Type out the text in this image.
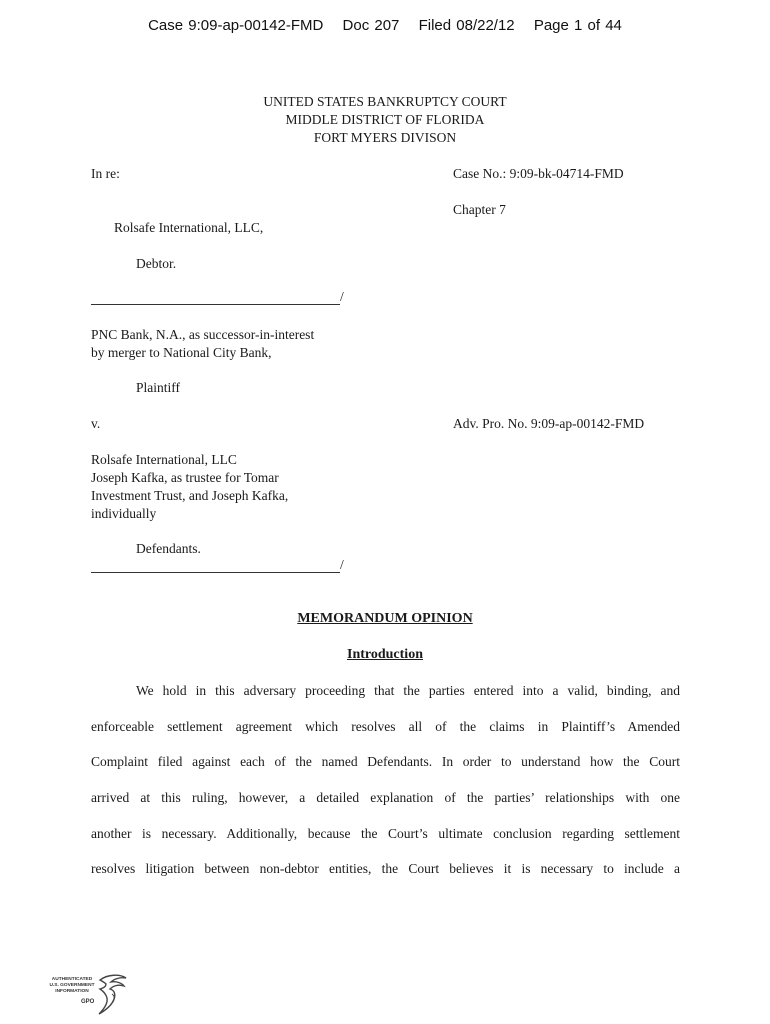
Case 9:09-ap-00142-FMD Doc 207 Filed 08/22/12 Page 1 of 44
UNITED STATES BANKRUPTCY COURT
MIDDLE DISTRICT OF FLORIDA
FORT MYERS DIVISON
In re:	Case No.: 9:09-bk-04714-FMD
Chapter 7
Rolsafe International, LLC,
Debtor.
/
PNC Bank, N.A., as successor-in-interest
by merger to National City Bank,
Plaintiff
v.	Adv. Pro. No. 9:09-ap-00142-FMD
Rolsafe International, LLC
Joseph Kafka, as trustee for Tomar
Investment Trust, and Joseph Kafka,
individually
Defendants.
/
MEMORANDUM OPINION
Introduction
We hold in this adversary proceeding that the parties entered into a valid, binding, and
enforceable settlement agreement which resolves all of the claims in Plaintiff’s Amended
Complaint filed against each of the named Defendants. In order to understand how the Court
arrived at this ruling, however, a detailed explanation of the parties’ relationships with one
another is necessary. Additionally, because the Court’s ultimate conclusion regarding settlement
resolves litigation between non-debtor entities, the Court believes it is necessary to include a
AUTHENTICATED
U.S. GOVERNMENT
INFORMATION
GPO
